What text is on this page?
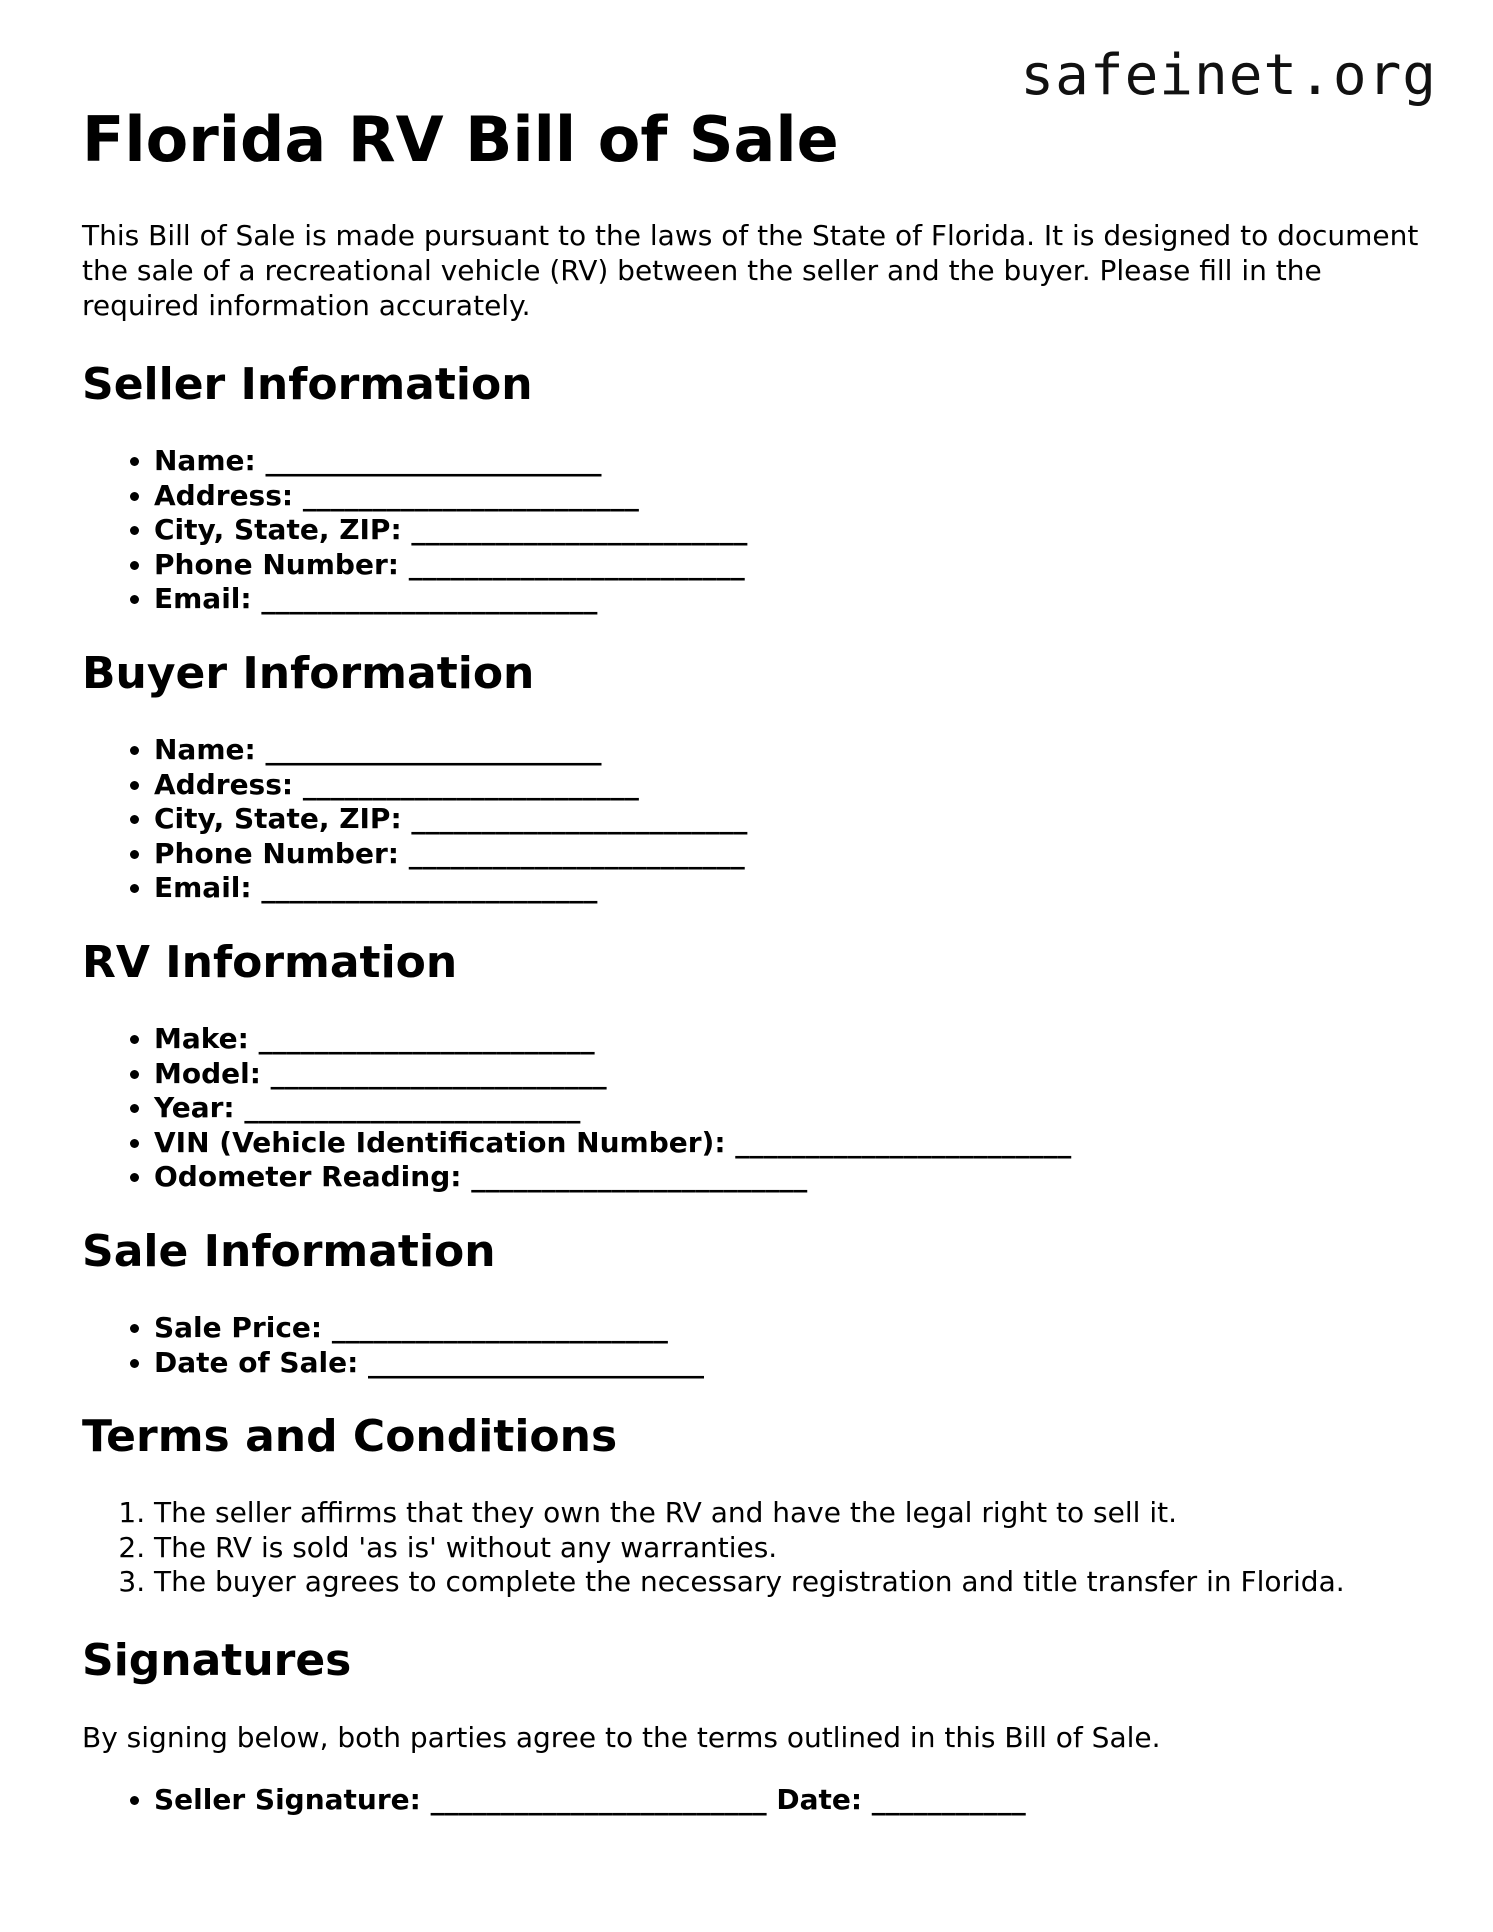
safeinet.org
Florida RV Bill of Sale

This Bill of Sale is made pursuant to the laws of the State of Florida. It is designed to document the sale of a recreational vehicle (RV) between the seller and the buyer. Please fill in the required information accurately.

Seller Information
• Name: ________________________
• Address: ________________________
• City, State, ZIP: ________________________
• Phone Number: ________________________
• Email: ________________________
Buyer Information
• Name: ________________________
• Address: ________________________
• City, State, ZIP: ________________________
• Phone Number: ________________________
• Email: ________________________
RV Information
• Make: ________________________
• Model: ________________________
• Year: ________________________
• VIN (Vehicle Identification Number): ________________________
• Odometer Reading: ________________________
Sale Information
• Sale Price: ________________________
• Date of Sale: ________________________
Terms and Conditions
1. The seller affirms that they own the RV and have the legal right to sell it.
2. The RV is sold 'as is' without any warranties.
3. The buyer agrees to complete the necessary registration and title transfer in Florida.
Signatures

By signing below, both parties agree to the terms outlined in this Bill of Sale.

• Seller Signature: ________________________ Date: ___________
